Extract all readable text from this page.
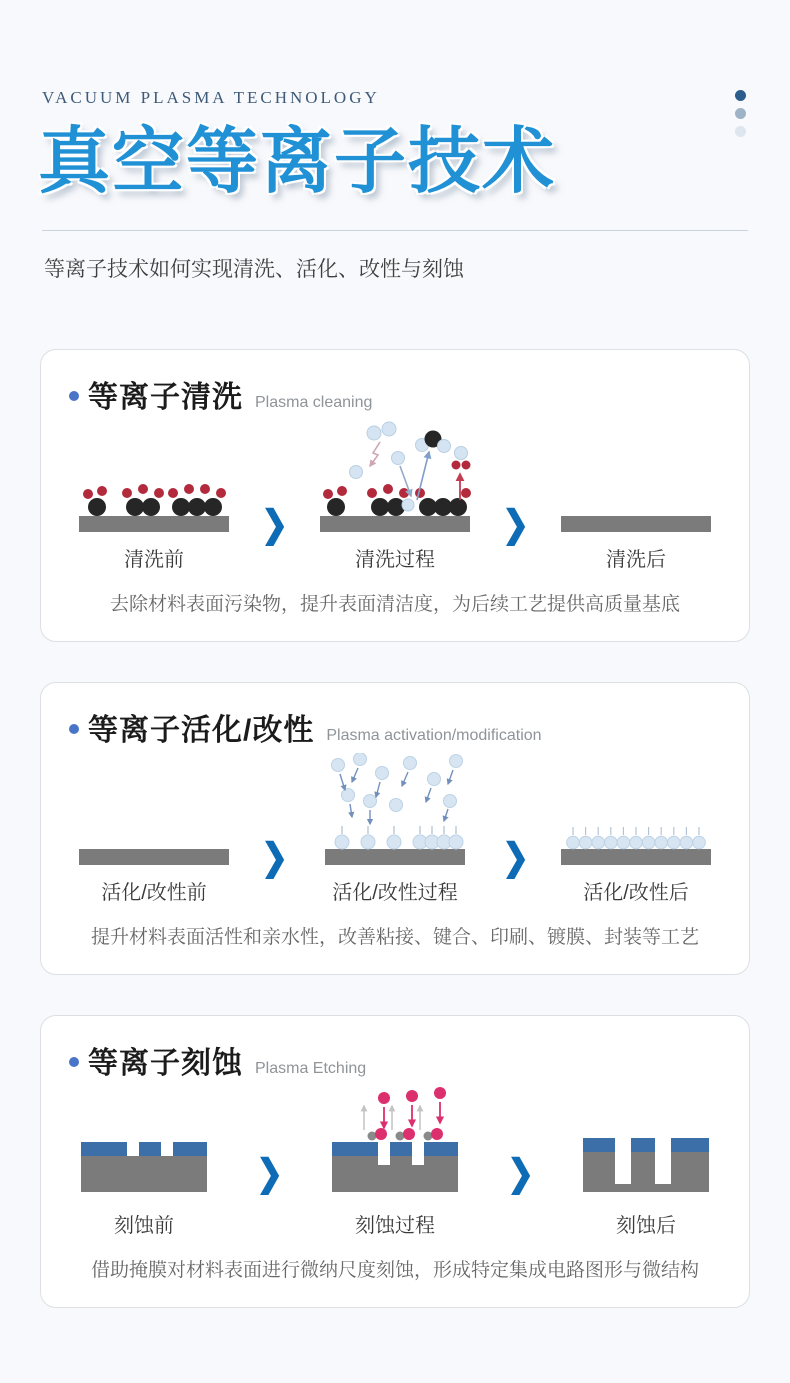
VACUUM PLASMA TECHNOLOGY
真空等离子技术

等离子技术如何实现清洗、活化、改性与刻蚀

等离子清洗 Plasma cleaning
清洗前
❯
清洗过程
❯
清洗后

去除材料表面污染物，提升表面清洁度，为后续工艺提供高质量基底

等离子活化/改性 Plasma activation/modification
活化/改性前
❯
活化/改性过程
❯
活化/改性后

提升材料表面活性和亲水性，改善粘接、键合、印刷、镀膜、封装等工艺

等离子刻蚀 Plasma Etching
刻蚀前
❯
刻蚀过程
❯
刻蚀后

借助掩膜对材料表面进行微纳尺度刻蚀，形成特定集成电路图形与微结构
